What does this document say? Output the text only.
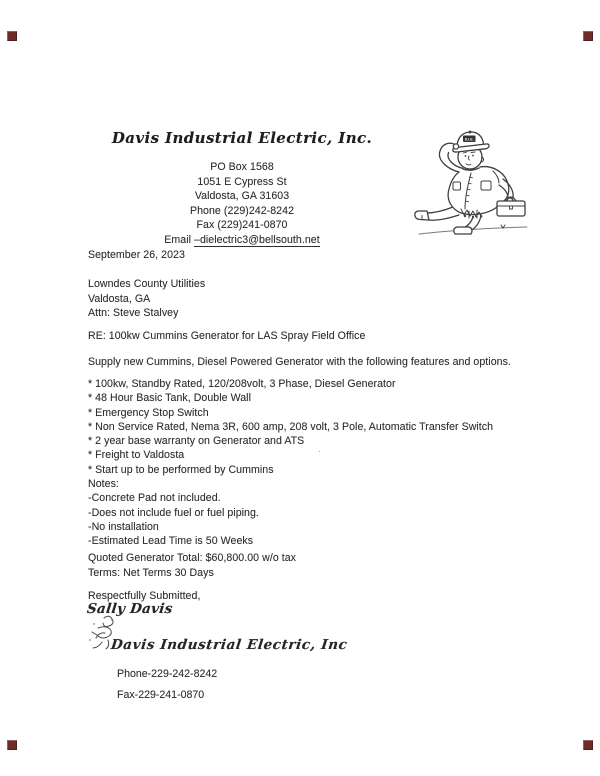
Davis Industrial Electric, Inc.
PO Box 1568
1051 E Cypress St
Valdosta, GA 31603
Phone (229)242-8242
Fax (229)241-0870
Email –dielectric3@bellsouth.net
D.I.E.
September 26, 2023
Lowndes County Utilities
Valdosta, GA
Attn: Steve Stalvey
RE: 100kw Cummins Generator for LAS Spray Field Office
Supply new Cummins, Diesel Powered Generator with the following features and options.
* 100kw, Standby Rated, 120/208volt, 3 Phase, Diesel Generator
* 48 Hour Basic Tank, Double Wall
* Emergency Stop Switch
* Non Service Rated, Nema 3R, 600 amp, 208 volt, 3 Pole, Automatic Transfer Switch
* 2 year base warranty on Generator and ATS
* Freight to Valdosta
* Start up to be performed by Cummins
Notes:
-Concrete Pad not included.
-Does not include fuel or fuel piping.
-No installation
-Estimated Lead Time is 50 Weeks
·
Quoted Generator Total: $60,800.00 w/o tax
Terms: Net Terms 30 Days
Respectfully Submitted,
Sally Davis
Davis Industrial Electric, Inc
Phone-229-242-8242
Fax-229-241-0870
